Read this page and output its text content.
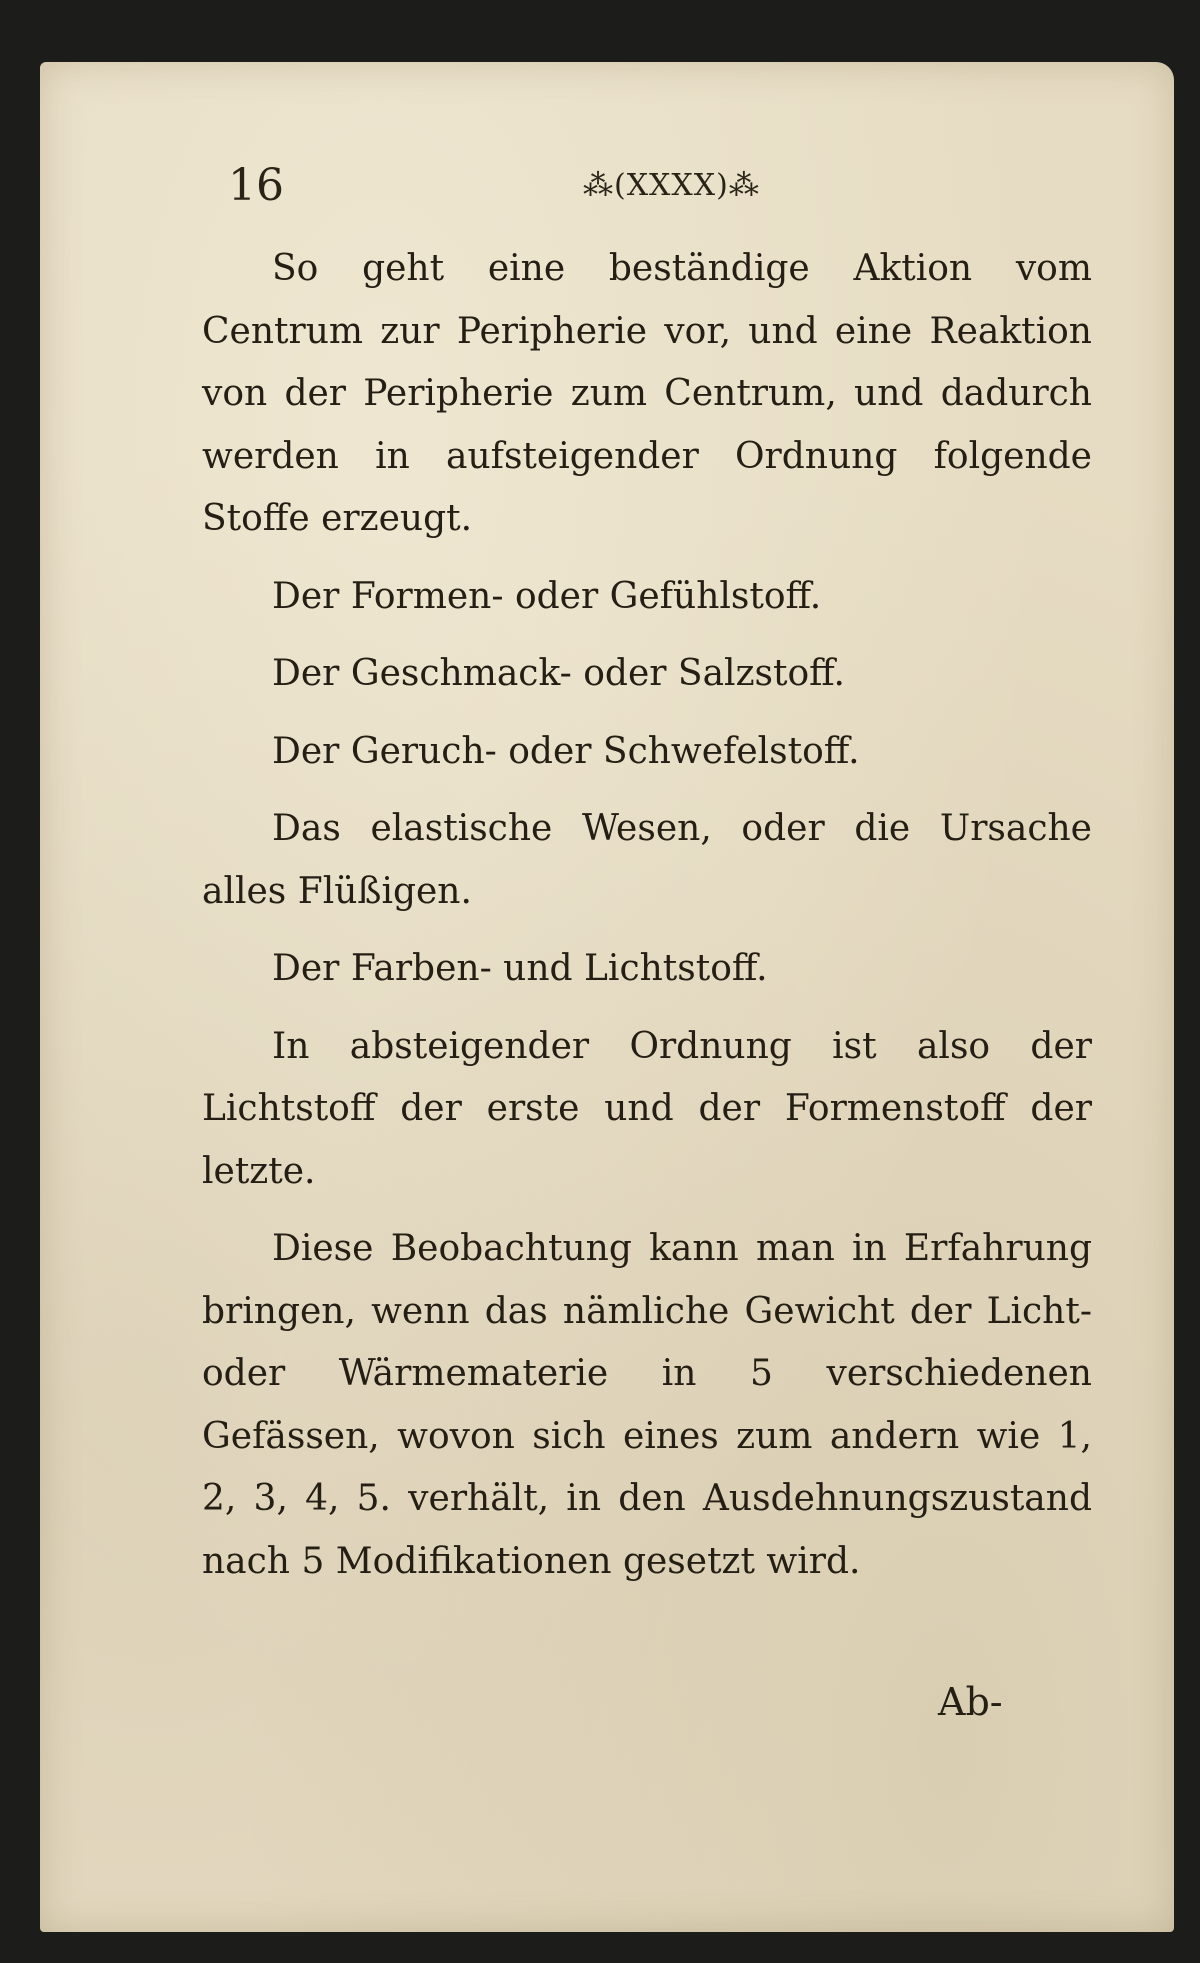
16	⁂(XXXX)⁂

So geht eine beständige Aktion vom Centrum zur Peripherie vor, und eine Reaktion von der Peripherie zum Centrum, und dadurch werden in aufsteigender Ordnung folgende Stoffe erzeugt.

Der Formen- oder Gefühlstoff.

Der Geschmack- oder Salzstoff.

Der Geruch- oder Schwefelstoff.

Das elastische Wesen, oder die Ursache alles Flüßigen.

Der Farben- und Lichtstoff.

In absteigender Ordnung ist also der Lichtstoff der erste und der Formenstoff der letzte.

Diese Beobachtung kann man in Erfahrung bringen, wenn das nämliche Gewicht der Licht- oder Wärmematerie in 5 verschiedenen Gefässen, wovon sich eines zum andern wie 1, 2, 3, 4, 5. verhält, in den Ausdehnungszustand nach 5 Modifikationen gesetzt wird.

Ab-
